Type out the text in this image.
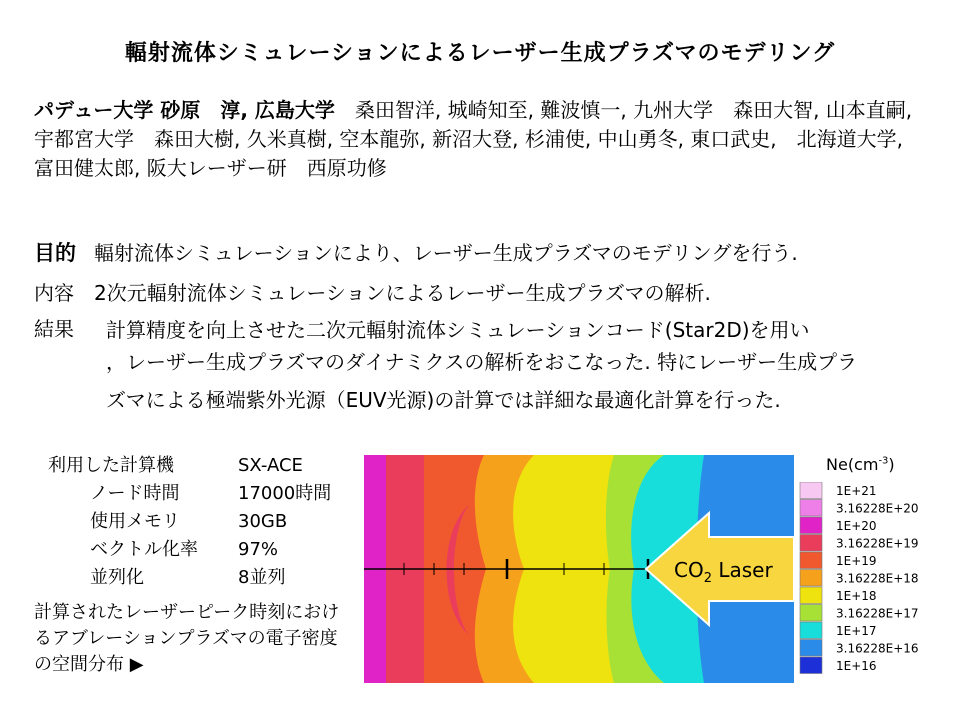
輻射流体シミュレーションによるレーザー生成プラズマのモデリング
パデュー大学 砂原　淳, 広島大学　桑田智洋, 城崎知至, 難波慎一, 九州大学　森田大智, 山本直嗣,　宇都宮大学　森田大樹, 久米真樹, 空本龍弥, 新沼大登, 杉浦使, 中山勇冬, 東口武史,　北海道大学,　富田健太郎, 阪大レーザー研　西原功修
目的 輻射流体シミュレーションにより、レーザー生成プラズマのモデリングを行う.
内容 2次元輻射流体シミュレーションによるレーザー生成プラズマの解析.
結果	計算精度を向上させた二次元輻射流体シミュレーションコード(Star2D)を用い
，レーザー生成プラズマのダイナミクスの解析をおこなった. 特にレーザー生成プラ
ズマによる極端紫外光源（EUV光源)の計算では詳細な最適化計算を行った.
利用した計算機	SX-ACE
ノード時間	17000時間
使用メモリ	30GB
ベクトル化率	97%
並列化	8並列
計算されたレーザーピーク時刻におけるアブレーションプラズマの電子密度の空間分布 ▶
$CO_2$ Laser
$Ne(cm^{-3})$
1E+21
3.16228E+20
1E+20
3.16228E+19
1E+19
3.16228E+18
1E+18
3.16228E+17
1E+17
3.16228E+16
1E+16
